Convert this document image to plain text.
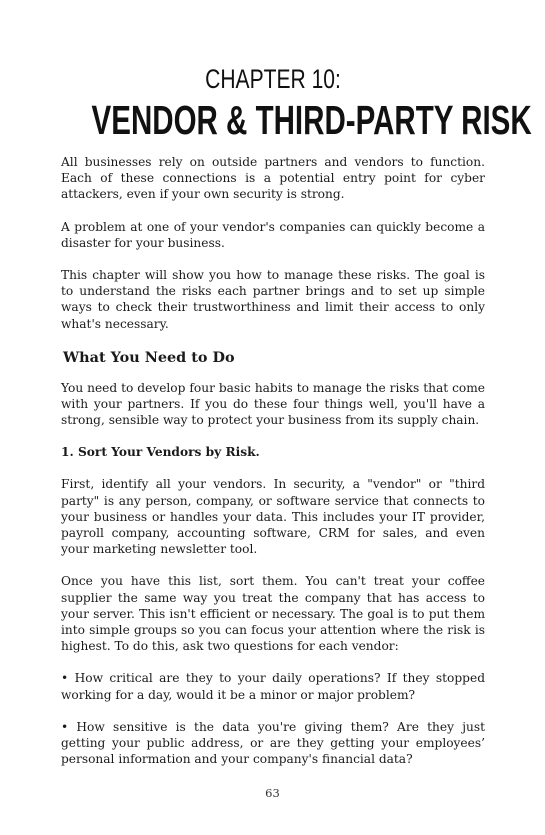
CHAPTER 10:
VENDOR & THIRD-PARTY RISK

All businesses rely on outside partners and vendors to function. Each of these connections is a potential entry point for cyber attackers, even if your own security is strong.

A problem at one of your vendor's companies can quickly become a disaster for your business.

This chapter will show you how to manage these risks. The goal is to understand the risks each partner brings and to set up simple ways to check their trustworthiness and limit their access to only what's necessary.

What You Need to Do

You need to develop four basic habits to manage the risks that come with your partners. If you do these four things well, you'll have a strong, sensible way to protect your business from its supply chain.

1. Sort Your Vendors by Risk.

First, identify all your vendors. In security, a "vendor" or "third party" is any person, company, or software service that connects to your business or handles your data. This includes your IT provider, payroll company, accounting software, CRM for sales, and even your marketing newsletter tool.

Once you have this list, sort them. You can't treat your coffee supplier the same way you treat the company that has access to your server. This isn't efficient or necessary. The goal is to put them into simple groups so you can focus your attention where the risk is highest. To do this, ask two questions for each vendor:

• How critical are they to your daily operations? If they stopped working for a day, would it be a minor or major problem?

• How sensitive is the data you're giving them? Are they just getting your public address, or are they getting your employees’ personal information and your company's financial data?

63
